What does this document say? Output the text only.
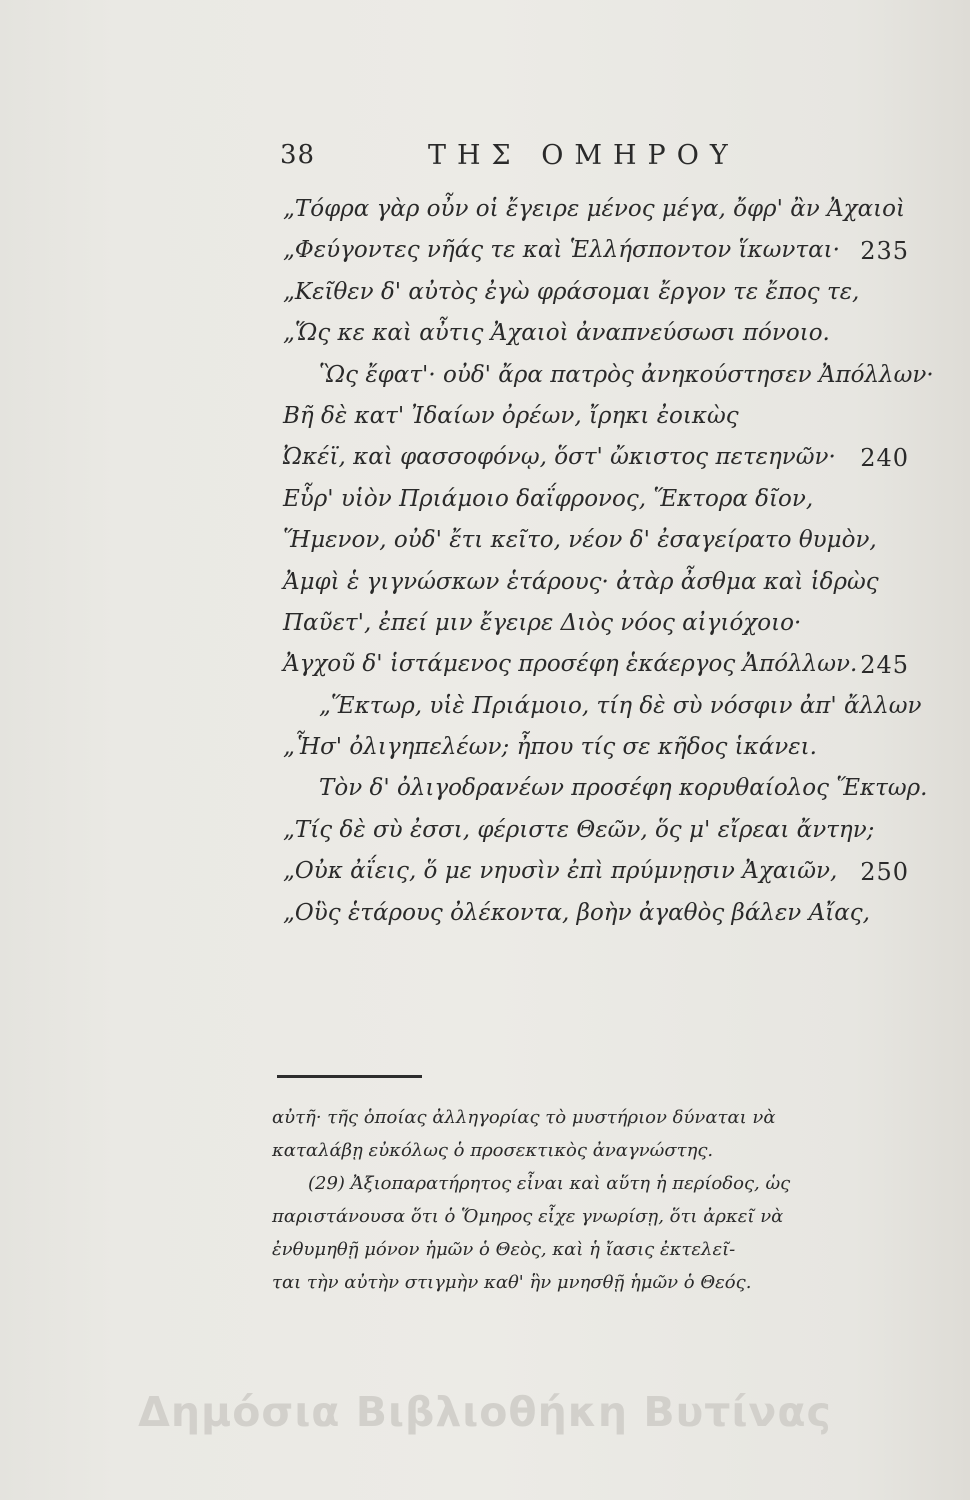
38	ΤΗΣ ΟΜΗΡΟΥ
„Τόφρα γὰρ οὖν οἱ ἔγειρε μένος μέγα, ὄφρ' ἂν Ἀχαιοὶ
„Φεύγοντες νῆάς τε καὶ Ἑλλήσποντον ἵκωνται· 235
„Κεῖθεν δ' αὐτὸς ἐγὼ φράσομαι ἔργον τε ἔπος τε,
„Ὥς κε καὶ αὖτις Ἀχαιοὶ ἀναπνεύσωσι πόνοιο.
Ὣς ἔφατ'· οὐδ' ἄρα πατρὸς ἀνηκούστησεν Ἀπόλλων·
Βῆ δὲ κατ' Ἰδαίων ὀρέων, ἴρηκι ἐοικὼς
Ὠκέϊ, καὶ φασσοφόνῳ, ὅστ' ὤκιστος πετεηνῶν· 240
Εὗρ' υἱὸν Πριάμοιο δαΐφρονος, Ἕκτορα δῖον,
Ἥμενον, οὐδ' ἔτι κεῖτο, νέον δ' ἐσαγείρατο θυμὸν,
Ἀμφὶ ἑ γιγνώσκων ἑτάρους· ἀτὰρ ἆσθμα καὶ ἱδρὼς
Παῦετ', ἐπεί μιν ἔγειρε Διὸς νόος αἰγιόχοιο·
Ἀγχοῦ δ' ἱστάμενος προσέφη ἑκάεργος Ἀπόλλων. 245
„Ἕκτωρ, υἱὲ Πριάμοιο, τίη δὲ σὺ νόσφιν ἀπ' ἄλλων
„Ἧσ' ὀλιγηπελέων; ἦπου τίς σε κῆδος ἱκάνει.
Τὸν δ' ὀλιγοδρανέων προσέφη κορυθαίολος Ἕκτωρ.
„Τίς δὲ σὺ ἐσσι, φέριστε Θεῶν, ὅς μ' εἴρεαι ἄντην;
„Οὐκ ἀΐεις, ὅ με νηυσὶν ἐπὶ πρύμνῃσιν Ἀχαιῶν, 250
„Οὓς ἑτάρους ὀλέκοντα, βοὴν ἀγαθὸς βάλεν Αἴας,
αὐτῆ· τῆς ὁποίας ἀλληγορίας τὸ μυστήριον δύναται νὰ
καταλάβῃ εὐκόλως ὁ προσεκτικὸς ἀναγνώστης.
(29) Ἀξιοπαρατήρητος εἶναι καὶ αὕτη ἡ περίοδος, ὡς
παριστάνουσα ὅτι ὁ Ὅμηρος εἶχε γνωρίσῃ, ὅτι ἀρκεῖ νὰ
ἐνθυμηθῇ μόνον ἡμῶν ὁ Θεὸς, καὶ ἡ ἴασις ἐκτελεῖ-
ται τὴν αὐτὴν στιγμὴν καθ' ἣν μνησθῇ ἡμῶν ὁ Θεός.
Δημόσια Βιβλιοθήκη Βυτίνας
